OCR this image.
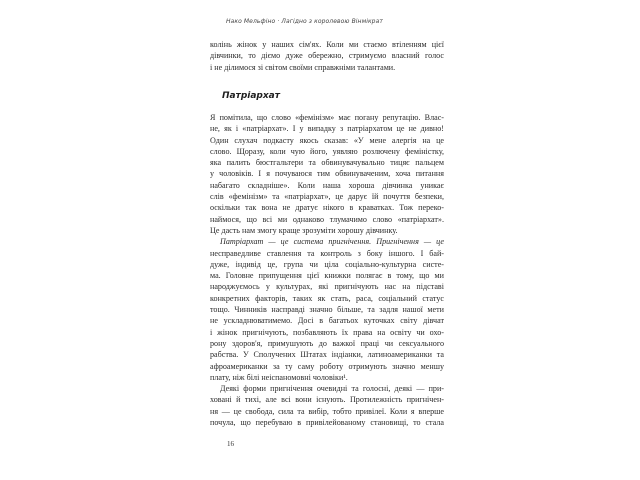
Нако Мельфіно · Лагідно з королевою Вінмікрат
колінь жінок у наших сім'ях. Коли ми стаємо втіленням цієї
дівчинки, то діємо дуже обережно, стримуємо власний голос
і не ділимося зі світом своїми справжніми талантами.
Патріархат
Я помітила, що слово «фемінізм» має погану репутацію. Влас-
не, як і «патріархат». І у випадку з патріархатом це не дивно!
Один слухач подкасту якось сказав: «У мене алергія на це
слово. Щоразу, коли чую його, уявляю розлючену феміністку,
яка палить бюстгальтери та обвинувачувально тицяє пальцем
у чоловіків. І я почуваюся тим обвинуваченим, хоча питання
набагато складніше». Коли наша хороша дівчинка уникає
слів «фемінізм» та «патріархат», це дарує їй почуття безпеки,
оскільки так вона не дратує нікого в краватках. Тож переко-
наймося, що всі ми однаково тлумачимо слово «патріархат».
Це дасть нам змогу краще зрозуміти хорошу дівчинку.
Патріархат — це система пригнічення. Пригнічення — це
несправедливе ставлення та контроль з боку іншого. І бай-
дуже, індивід це, група чи ціла соціально-культурна систе-
ма. Головне припущення цієї книжки полягає в тому, що ми
народжуємось у культурах, які пригнічують нас на підставі
конкретних факторів, таких як стать, раса, соціальний статус
тощо. Чинників насправді значно більше, та задля нашої мети
не ускладнюватимемо. Досі в багатьох куточках світу дівчат
і жінок пригнічують, позбавляють їх права на освіту чи охо-
рону здоров'я, примушують до важкої праці чи сексуального
рабства. У Сполучених Штатах індіанки, латиноамериканки та
афроамериканки за ту саму роботу отримують значно меншу
плату, ніж білі неіспаномовні чоловіки¹.
Деякі форми пригнічення очевидні та голосні, деякі — при-
ховані й тихі, але всі вони існують. Протилежність пригнічен-
ня — це свобода, сила та вибір, тобто привілеї. Коли я вперше
почула, що перебуваю в привілейованому становищі, то стала
16
